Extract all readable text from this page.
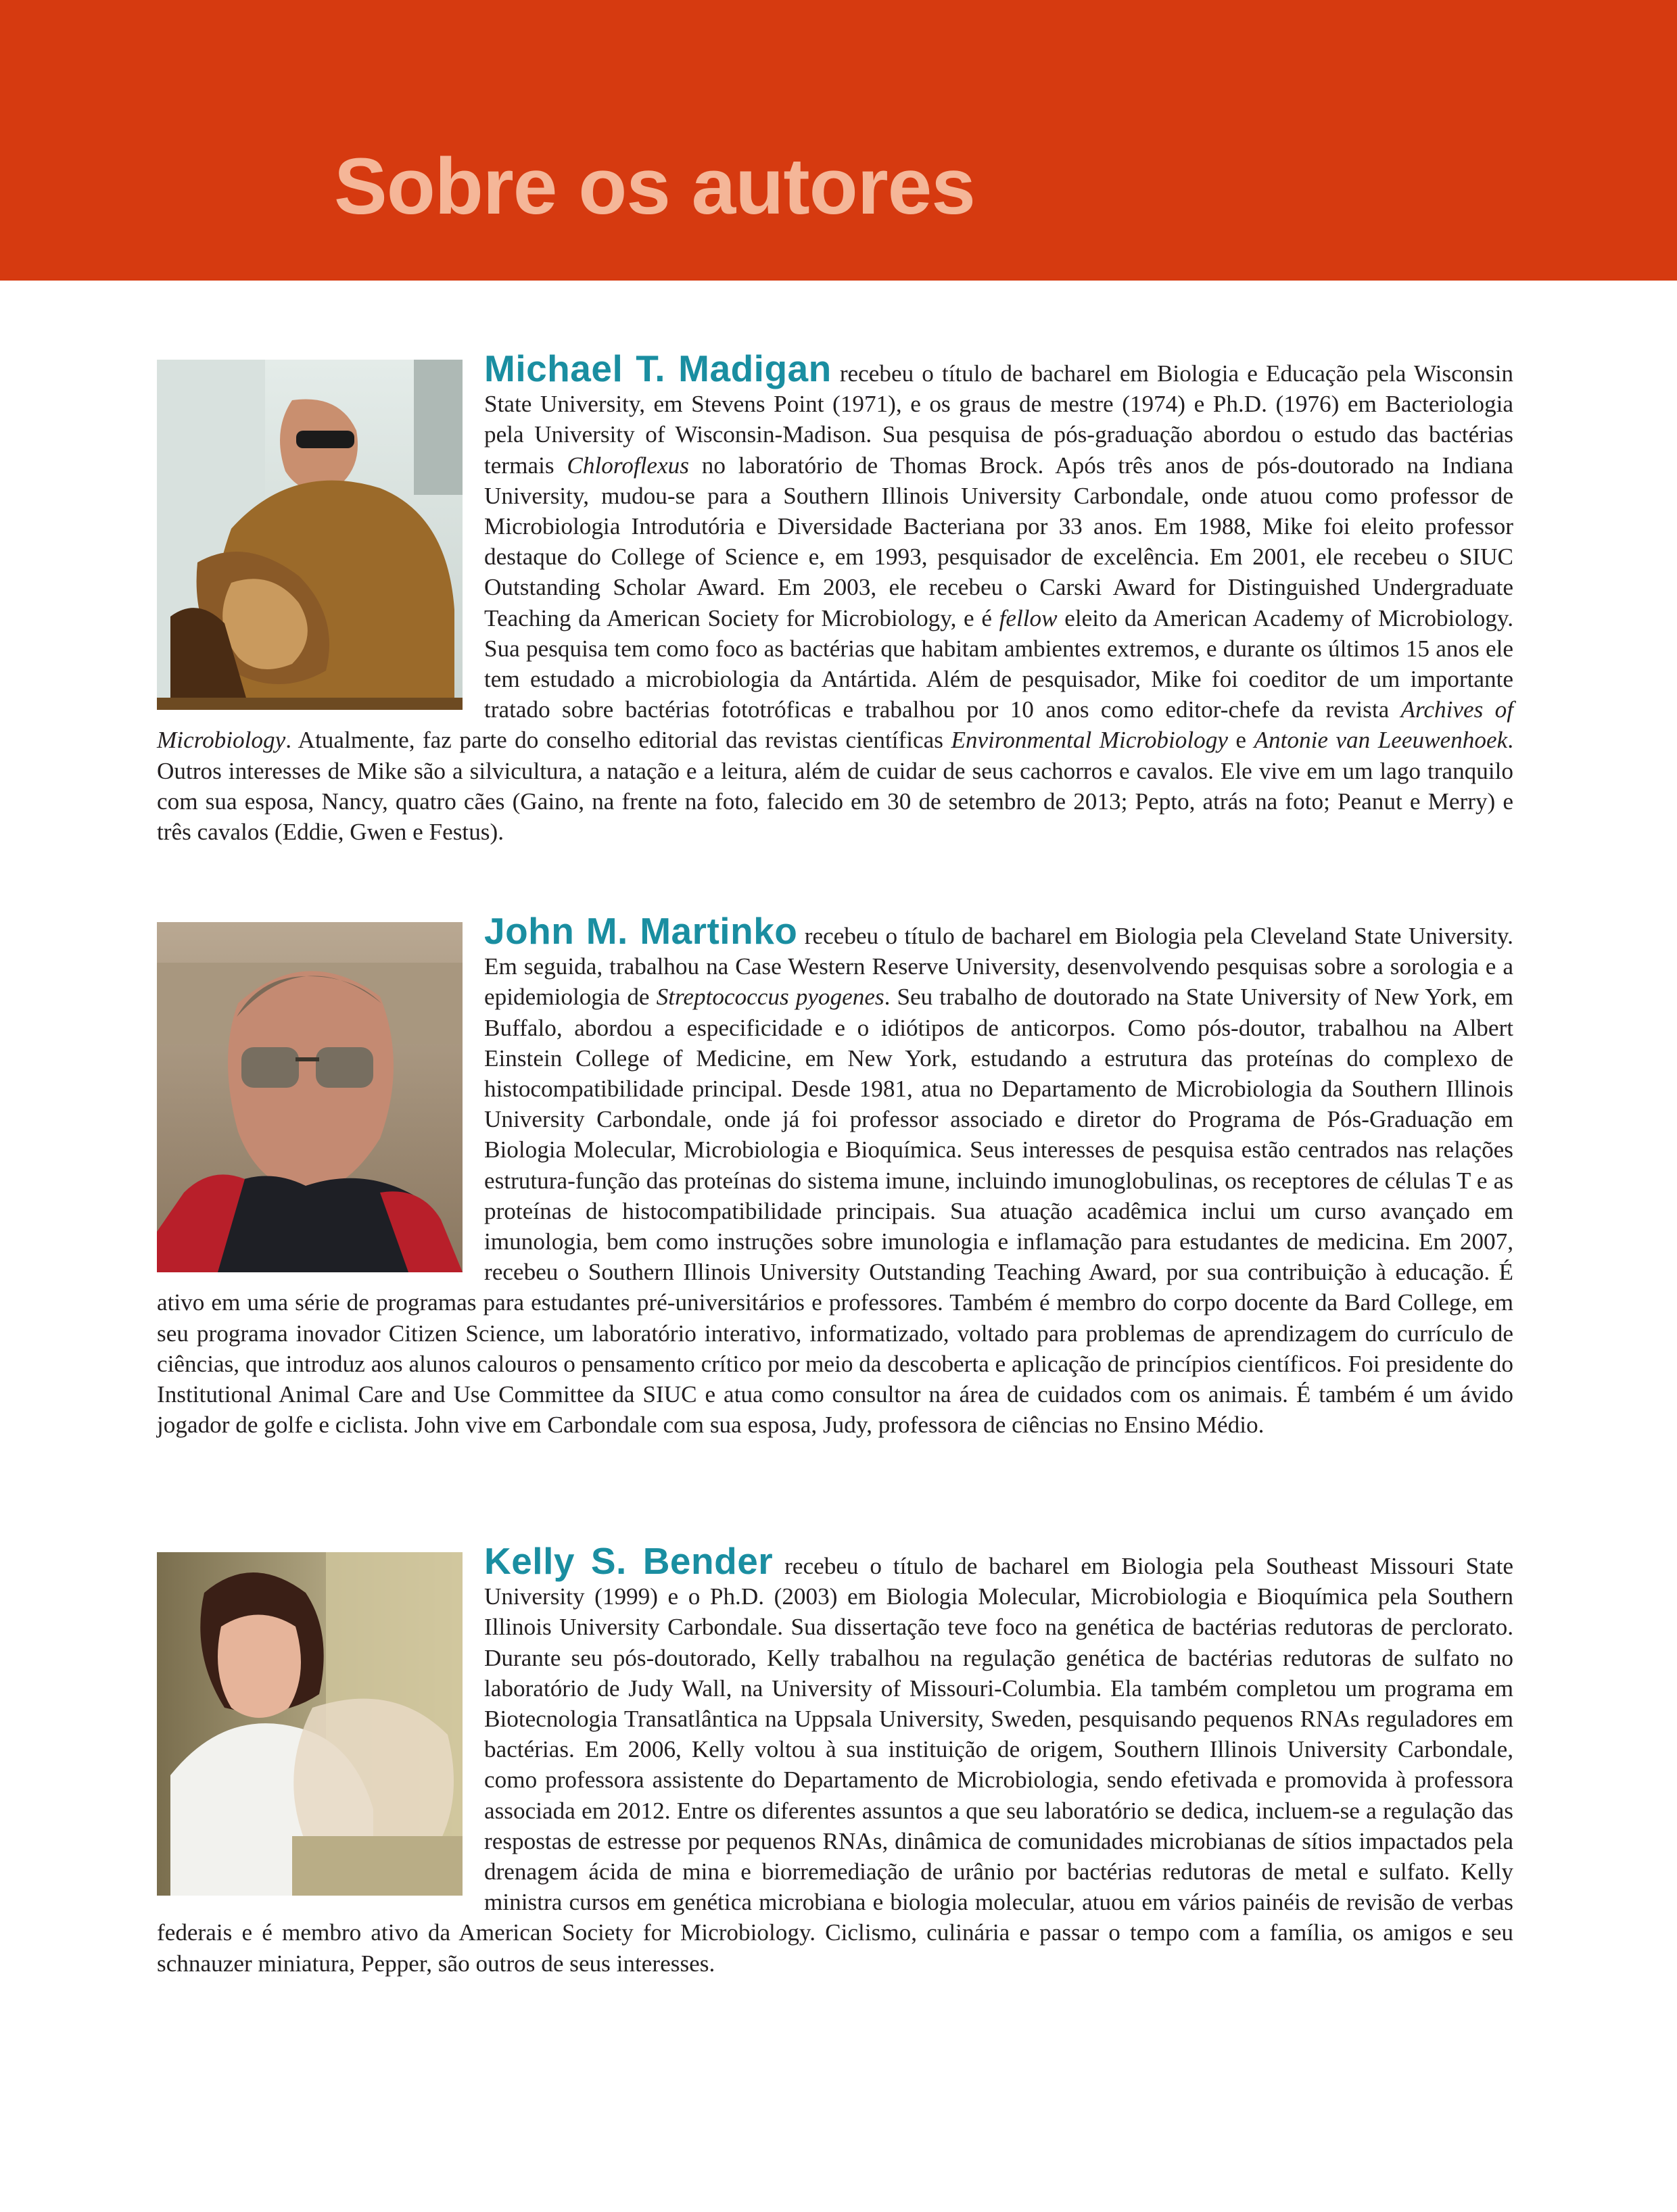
Sobre os autores

Michael T. Madigan recebeu o título de bacharel em Biologia e Educação pela Wisconsin State University, em Stevens Point (1971), e os graus de mestre (1974) e Ph.D. (1976) em Bacteriologia pela University of Wisconsin-Madison. Sua pesquisa de pós-graduação abordou o estudo das bactérias termais Chloroflexus no laboratório de Thomas Brock. Após três anos de pós-doutorado na Indiana University, mudou-se para a Southern Illinois University Carbondale, onde atuou como professor de Microbiologia Introdutória e Diversidade Bacteriana por 33 anos. Em 1988, Mike foi eleito professor destaque do College of Science e, em 1993, pesquisador de excelência. Em 2001, ele recebeu o SIUC Outstanding Scholar Award. Em 2003, ele recebeu o Carski Award for Distinguished Undergraduate Teaching da American Society for Microbiology, e é fellow eleito da American Academy of Microbiology. Sua pesquisa tem como foco as bactérias que habitam ambientes extremos, e durante os últimos 15 anos ele tem estudado a microbiologia da Antártida. Além de pesquisador, Mike foi coeditor de um importante tratado sobre bactérias fototróficas e trabalhou por 10 anos como editor-chefe da revista Archives of Microbiology. Atualmente, faz parte do conselho editorial das revistas científicas Environmental Microbiology e Antonie van Leeuwenhoek. Outros interesses de Mike são a silvicultura, a natação e a leitura, além de cuidar de seus cachorros e cavalos. Ele vive em um lago tranquilo com sua esposa, Nancy, quatro cães (Gaino, na frente na foto, falecido em 30 de setembro de 2013; Pepto, atrás na foto; Peanut e Merry) e três cavalos (Eddie, Gwen e Festus).

John M. Martinko recebeu o título de bacharel em Biologia pela Cleveland State University. Em seguida, trabalhou na Case Western Reserve University, desenvolvendo pesquisas sobre a sorologia e a epidemiologia de Streptococcus pyogenes. Seu trabalho de doutorado na State University of New York, em Buffalo, abordou a especificidade e o idiótipos de anticorpos. Como pós-doutor, trabalhou na Albert Einstein College of Medicine, em New York, estudando a estrutura das proteínas do complexo de histocompatibilidade principal. Desde 1981, atua no Departamento de Microbiologia da Southern Illinois University Carbondale, onde já foi professor associado e diretor do Programa de Pós-Graduação em Biologia Molecular, Microbiologia e Bioquímica. Seus interesses de pesquisa estão centrados nas relações estrutura-função das proteínas do sistema imune, incluindo imunoglobulinas, os receptores de células T e as proteínas de histocompatibilidade principais. Sua atuação acadêmica inclui um curso avançado em imunologia, bem como instruções sobre imunologia e inflamação para estudantes de medicina. Em 2007, recebeu o Southern Illinois University Outstanding Teaching Award, por sua contribuição à educação. É ativo em uma série de programas para estudantes pré-universitários e professores. Também é membro do corpo docente da Bard College, em seu programa inovador Citizen Science, um laboratório interativo, informatizado, voltado para problemas de aprendizagem do currículo de ciências, que introduz aos alunos calouros o pensamento crítico por meio da descoberta e aplicação de princípios científicos. Foi presidente do Institutional Animal Care and Use Committee da SIUC e atua como consultor na área de cuidados com os animais. É também é um ávido jogador de golfe e ciclista. John vive em Carbondale com sua esposa, Judy, professora de ciências no Ensino Médio.

Kelly S. Bender recebeu o título de bacharel em Biologia pela Southeast Missouri State University (1999) e o Ph.D. (2003) em Biologia Molecular, Microbiologia e Bioquímica pela Southern Illinois University Carbondale. Sua dissertação teve foco na genética de bactérias redutoras de perclorato. Durante seu pós-doutorado, Kelly trabalhou na regulação genética de bactérias redutoras de sulfato no laboratório de Judy Wall, na University of Missouri-Columbia. Ela também completou um programa em Biotecnologia Transatlântica na Uppsala University, Sweden, pesquisando pequenos RNAs reguladores em bactérias. Em 2006, Kelly voltou à sua instituição de origem, Southern Illinois University Carbondale, como professora assistente do Departamento de Microbiologia, sendo efetivada e promovida à professora associada em 2012. Entre os diferentes assuntos a que seu laboratório se dedica, incluem-se a regulação das respostas de estresse por pequenos RNAs, dinâmica de comunidades microbianas de sítios impactados pela drenagem ácida de mina e biorremediação de urânio por bactérias redutoras de metal e sulfato. Kelly ministra cursos em genética microbiana e biologia molecular, atuou em vários painéis de revisão de verbas federais e é membro ativo da American Society for Microbiology. Ciclismo, culinária e passar o tempo com a família, os amigos e seu schnauzer miniatura, Pepper, são outros de seus interesses.
